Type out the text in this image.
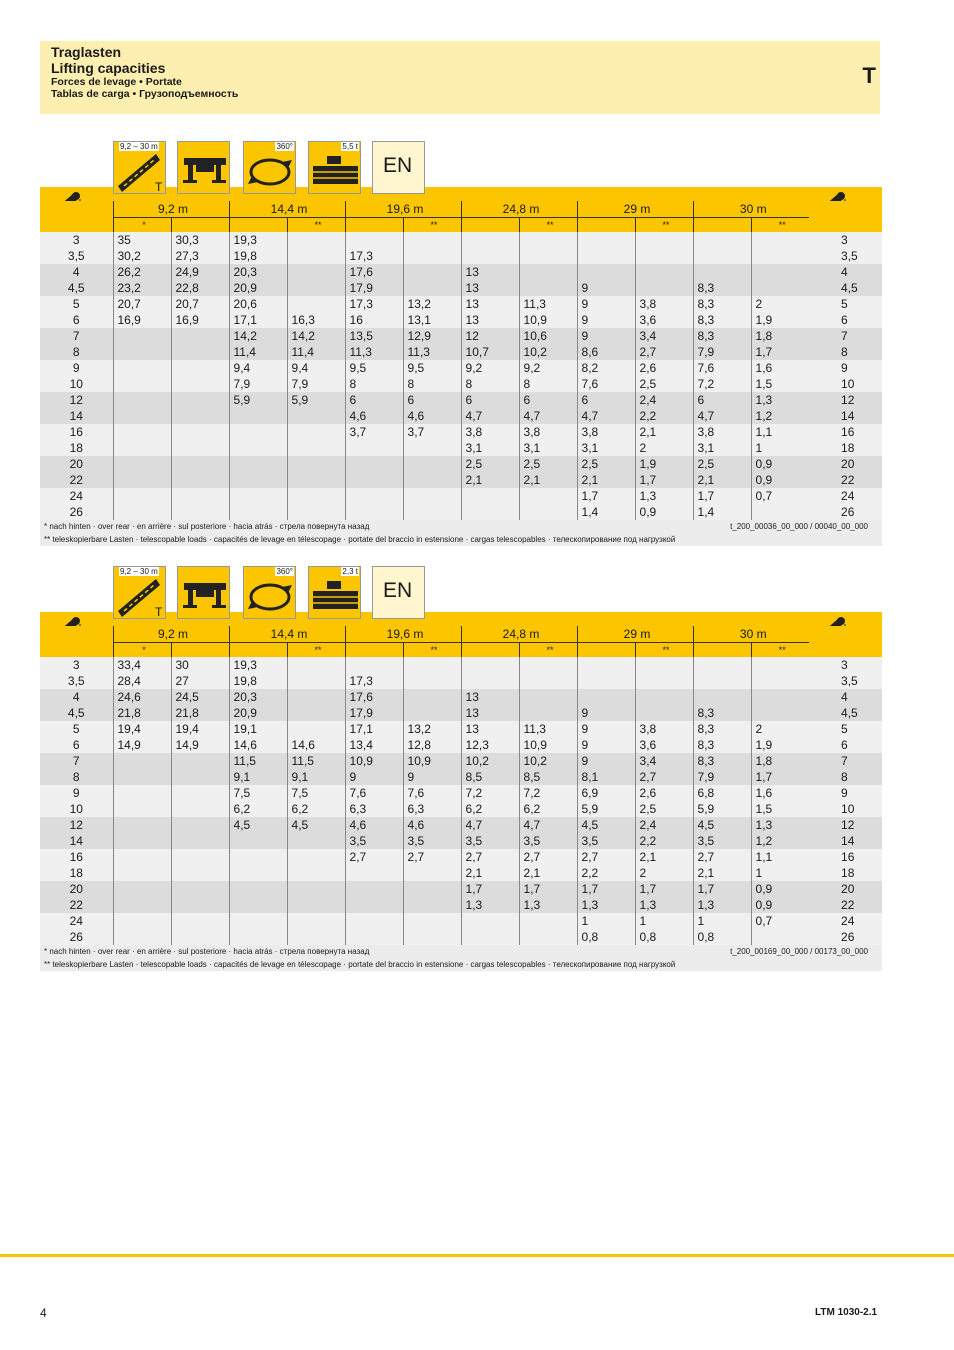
Traglasten
Lifting capacities
Forces de levage • Portate
Tablas de carga • Грузоподъемность
T
9,2 – 30 m
T
360°	5,5 t
EN
	9,2 m		14,4 m		19,6 m		24,8 m		29 m		30 m		
	*			**		**		**		**		**	
3	35	30,3	19,3										3
3,5	30,2	27,3	19,8		17,3								3,5
4	26,2	24,9	20,3		17,6		13						4
4,5	23,2	22,8	20,9		17,9		13		9		8,3		4,5
5	20,7	20,7	20,6		17,3	13,2	13	11,3	9	3,8	8,3	2	5
6	16,9	16,9	17,1	16,3	16	13,1	13	10,9	9	3,6	8,3	1,9	6
7			14,2	14,2	13,5	12,9	12	10,6	9	3,4	8,3	1,8	7
8			11,4	11,4	11,3	11,3	10,7	10,2	8,6	2,7	7,9	1,7	8
9			9,4	9,4	9,5	9,5	9,2	9,2	8,2	2,6	7,6	1,6	9
10			7,9	7,9	8	8	8	8	7,6	2,5	7,2	1,5	10
12			5,9	5,9	6	6	6	6	6	2,4	6	1,3	12
14					4,6	4,6	4,7	4,7	4,7	2,2	4,7	1,2	14
16					3,7	3,7	3,8	3,8	3,8	2,1	3,8	1,1	16
18							3,1	3,1	3,1	2	3,1	1	18
20							2,5	2,5	2,5	1,9	2,5	0,9	20
22							2,1	2,1	2,1	1,7	2,1	0,9	22
24									1,7	1,3	1,7	0,7	24
26									1,4	0,9	1,4		26
* nach hinten · over rear · en arrière · sul posteriore · hacia atrás · стрела повернута назад	t_200_00036_00_000 / 00040_00_000
** teleskopierbare Lasten · telescopable loads · capacités de levage en télescopage · portate del braccio in estensione · cargas telescopables · телескопирование под нагрузкой
9,2 – 30 m
T
360°	2,3 t
EN
	9,2 m		14,4 m		19,6 m		24,8 m		29 m		30 m		
	*			**		**		**		**		**	
3	33,4	30	19,3										3
3,5	28,4	27	19,8		17,3								3,5
4	24,6	24,5	20,3		17,6		13						4
4,5	21,8	21,8	20,9		17,9		13		9		8,3		4,5
5	19,4	19,4	19,1		17,1	13,2	13	11,3	9	3,8	8,3	2	5
6	14,9	14,9	14,6	14,6	13,4	12,8	12,3	10,9	9	3,6	8,3	1,9	6
7			11,5	11,5	10,9	10,9	10,2	10,2	9	3,4	8,3	1,8	7
8			9,1	9,1	9	9	8,5	8,5	8,1	2,7	7,9	1,7	8
9			7,5	7,5	7,6	7,6	7,2	7,2	6,9	2,6	6,8	1,6	9
10			6,2	6,2	6,3	6,3	6,2	6,2	5,9	2,5	5,9	1,5	10
12			4,5	4,5	4,6	4,6	4,7	4,7	4,5	2,4	4,5	1,3	12
14					3,5	3,5	3,5	3,5	3,5	2,2	3,5	1,2	14
16					2,7	2,7	2,7	2,7	2,7	2,1	2,7	1,1	16
18							2,1	2,1	2,2	2	2,1	1	18
20							1,7	1,7	1,7	1,7	1,7	0,9	20
22							1,3	1,3	1,3	1,3	1,3	0,9	22
24									1	1	1	0,7	24
26									0,8	0,8	0,8		26
* nach hinten · over rear · en arrière · sul posteriore · hacia atrás · стрела повернута назад	t_200_00169_00_000 / 00173_00_000
** teleskopierbare Lasten · telescopable loads · capacités de levage en télescopage · portate del braccio in estensione · cargas telescopables · телескопирование под нагрузкой
4	LTM 1030-2.1
